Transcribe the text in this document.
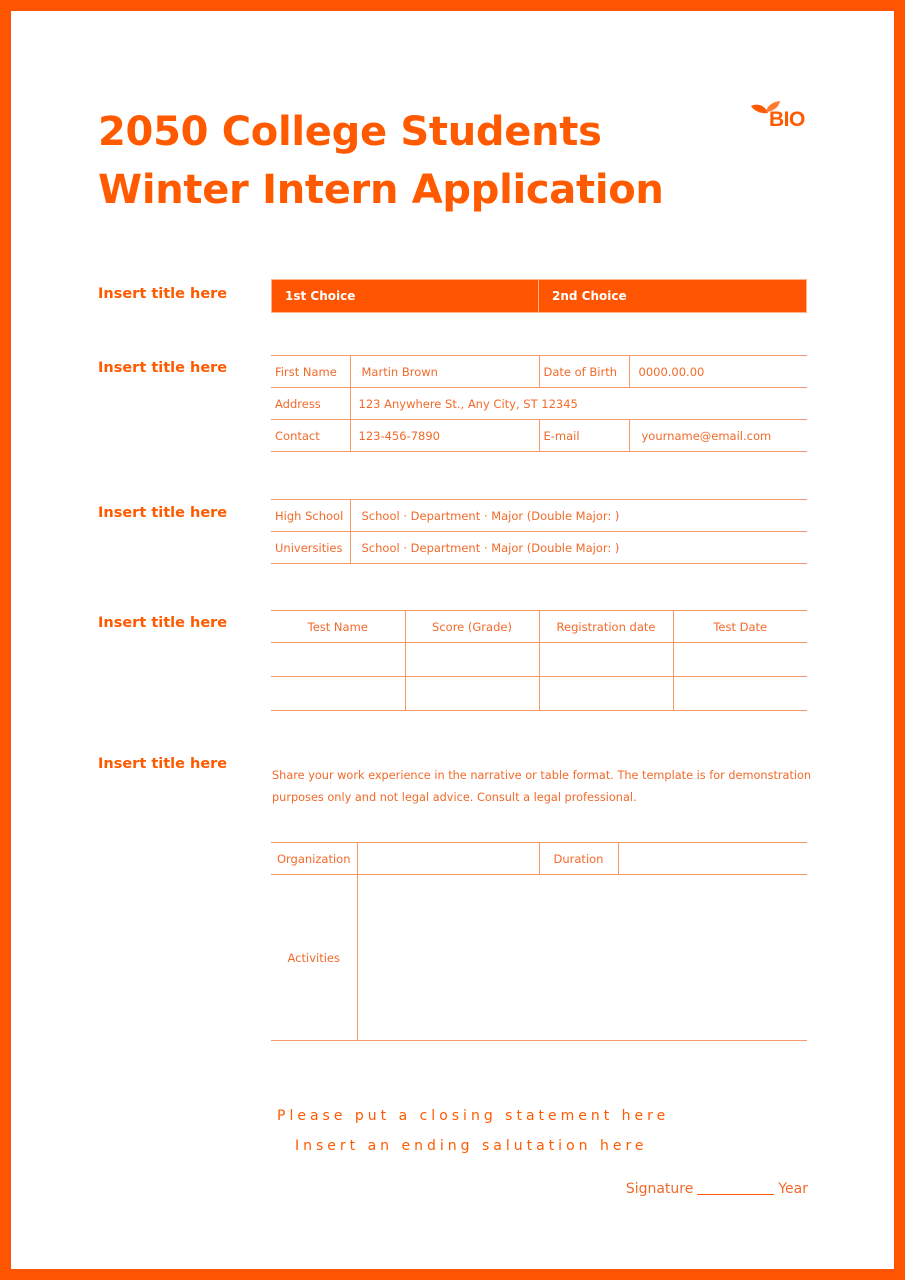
2050 College Students
Winter Intern Application
BIO
Insert title here	1st Choice	2nd Choice
Insert title here	First Name	Martin Brown	Date of Birth	0000.00.00
Address	123 Anywhere St., Any City, ST 12345		
Contact	123-456-7890	E-mail	yourname@email.com
Insert title here	High School	School · Department · Major (Double Major: )
Universities	School · Department · Major (Double Major: )
Insert title here	Test Name	Score (Grade)	Registration date	Test Date

Insert title here

Share your work experience in the narrative or table format. The template is for demonstration purposes only and not legal advice. Consult a legal professional.

Organization		Duration	
Activities			
Please put a closing statement here
Insert an ending salutation here
Signature	Year
